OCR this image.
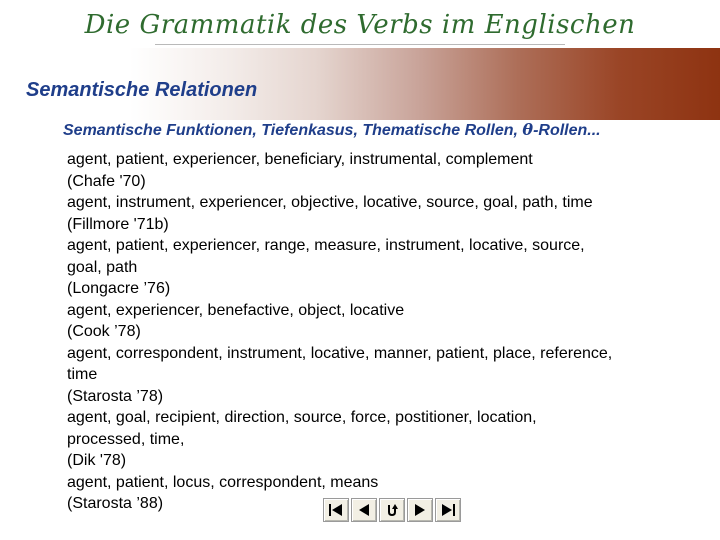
Die Grammatik des Verbs im Englischen
Semantische Relationen
Semantische Funktionen, Tiefenkasus, Thematische Rollen, θ-Rollen...
agent, patient, experiencer, beneficiary, instrumental, complement
(Chafe '70)
agent, instrument, experiencer, objective, locative, source, goal, path, time
(Fillmore '71b)
agent, patient, experiencer, range, measure, instrument, locative, source,
goal, path
(Longacre ’76)
agent, experiencer, benefactive, object, locative
(Cook ’78)
agent, correspondent, instrument, locative, manner, patient, place, reference,
time
(Starosta ’78)
agent, goal, recipient, direction, source, force, postitioner, location,
processed, time,
(Dik '78)
agent, patient, locus, correspondent, means
(Starosta ’88)
